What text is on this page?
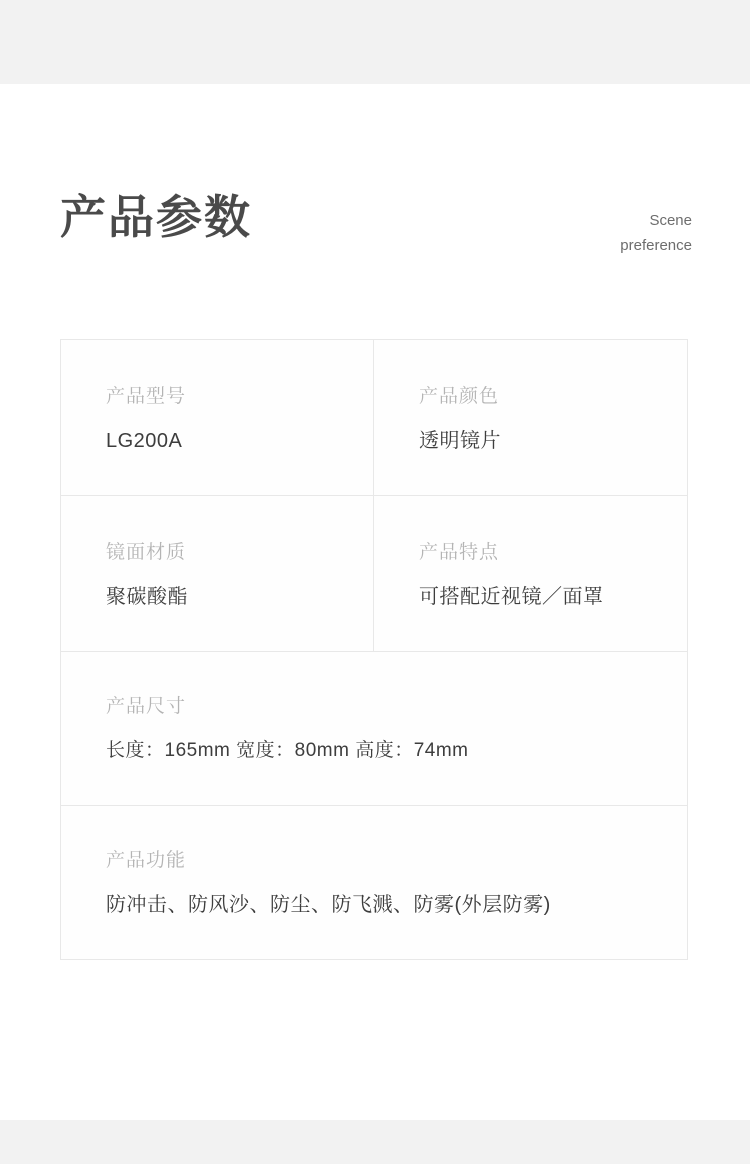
产品参数	Scene
preference
产品型号
LG200A
产品颜色
透明镜片
镜面材质
聚碳酸酯
产品特点
可搭配近视镜／面罩
产品尺寸
长度：165mm 宽度：80mm 高度：74mm
产品功能
防冲击、防风沙、防尘、防飞溅、防雾(外层防雾)
